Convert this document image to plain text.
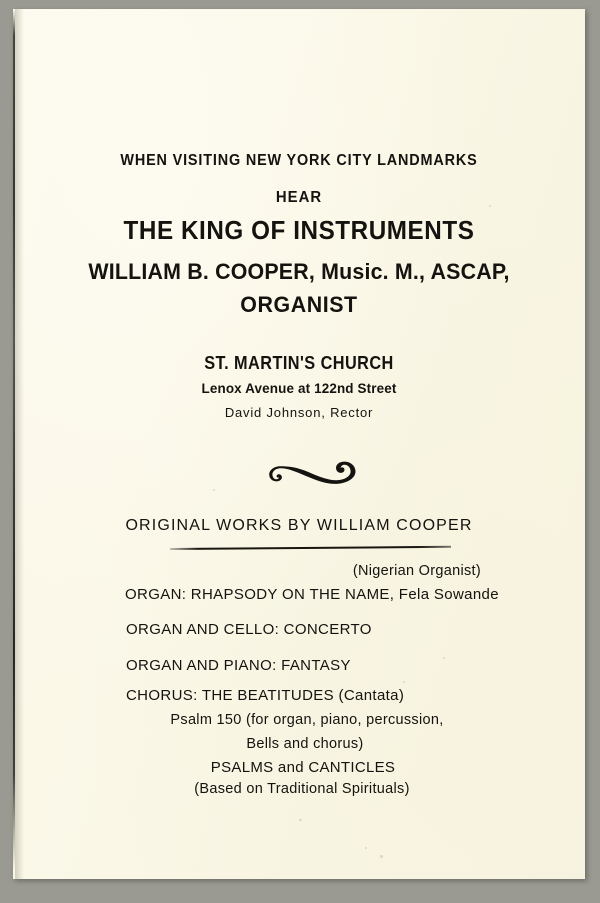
WHEN VISITING NEW YORK CITY LANDMARKS
HEAR
THE KING OF INSTRUMENTS
WILLIAM B. COOPER, Music. M., ASCAP,
ORGANIST
ST. MARTIN'S CHURCH
Lenox Avenue at 122nd Street
David Johnson, Rector
ORIGINAL WORKS BY WILLIAM COOPER
(Nigerian Organist)
ORGAN: RHAPSODY ON THE NAME, Fela Sowande
ORGAN AND CELLO: CONCERTO
ORGAN AND PIANO: FANTASY
CHORUS: THE BEATITUDES (Cantata)
Psalm 150 (for organ, piano, percussion,
Bells and chorus)
PSALMS and CANTICLES
(Based on Traditional Spirituals)
